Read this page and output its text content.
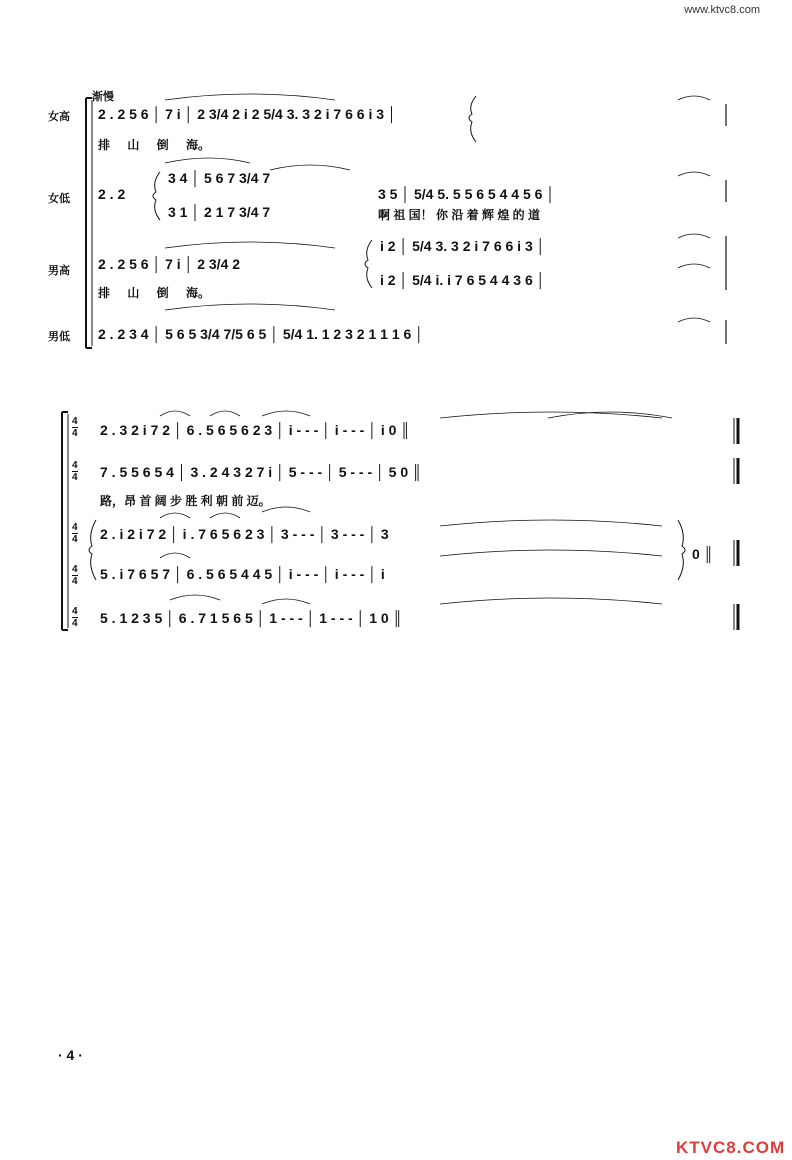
www.ktvc8.com
渐慢
女高
女低
男高
男低
2 . 2 5 6 │ 7 i │ 2 3/4 2 i 2 5/4 3. 3 2 i 7 6 6 i 3 │
排 山 倒 海。
2 . 2
3 4 │ 5 6 7 3/4 7
3 1 │ 2 1 7 3/4 7
3 5 │ 5/4 5. 5 5 6 5 4 4 5 6 │
啊 祖 国！ 你 沿 着 辉 煌 的 道
2 . 2 5 6 │ 7 i │ 2 3/4 2
i 2 │ 5/4 3. 3 2 i 7 6 6 i 3 │
i 2 │ 5/4 i. i 7 6 5 4 4 3 6 │
排 山 倒 海。
2 . 2 3 4 │ 5 6 5 3/4 7/5 6 5 │ 5/4 1. 1 2 3 2 1 1 1 6 │
4
4
4
4
4
4
4
4
4
4
2 . 3 2 i 7 2 │ 6 . 5 6 5 6 2 3 │ i - - - │ i - - - │ i 0 ║
7 . 5 5 6 5 4 │ 3 . 2 4 3 2 7 i │ 5 - - - │ 5 - - - │ 5 0 ║
路，昂 首 阔 步 胜 利 朝 前 迈。
2 . i 2 i 7 2 │ i . 7 6 5 6 2 3 │ 3 - - - │ 3 - - - │ 3
5 . i 7 6 5 7 │ 6 . 5 6 5 4 4 5 │ i - - - │ i - - - │ i
0 ║
5 . 1 2 3 5 │ 6 . 7 1 5 6 5 │ 1 - - - │ 1 - - - │ 1 0 ║
· 4 ·
KTVC8.COM
